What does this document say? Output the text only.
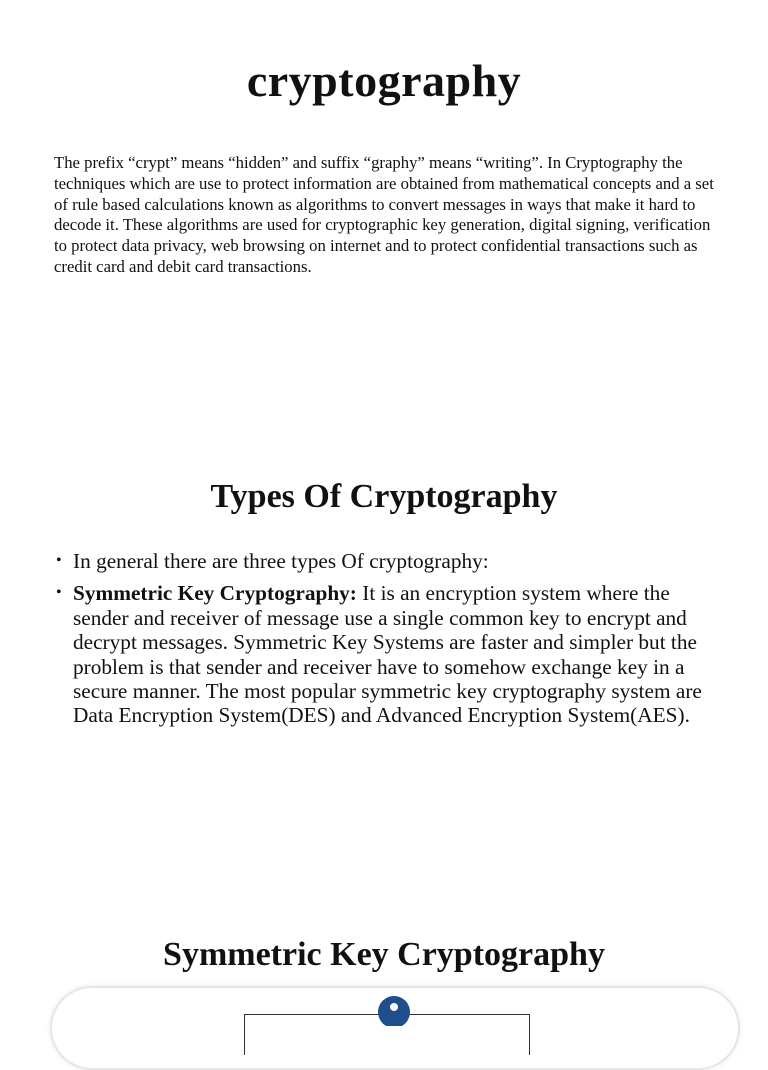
cryptography

The prefix “crypt” means “hidden” and suffix “graphy” means “writing”. In Cryptography the techniques which are use to protect information are obtained from mathematical concepts and a set of rule based calculations known as algorithms to convert messages in ways that make it hard to decode it. These algorithms are used for cryptographic key generation, digital signing, verification to protect data privacy, web browsing on internet and to protect confidential transactions such as credit card and debit card transactions.

Types Of Cryptography
• In general there are three types Of cryptography:
• Symmetric Key Cryptography: It is an encryption system where the sender and receiver of message use a single common key to encrypt and decrypt messages. Symmetric Key Systems are faster and simpler but the problem is that sender and receiver have to somehow exchange key in a secure manner. The most popular symmetric key cryptography system are Data Encryption System(DES) and Advanced Encryption System(AES).
Symmetric Key Cryptography
